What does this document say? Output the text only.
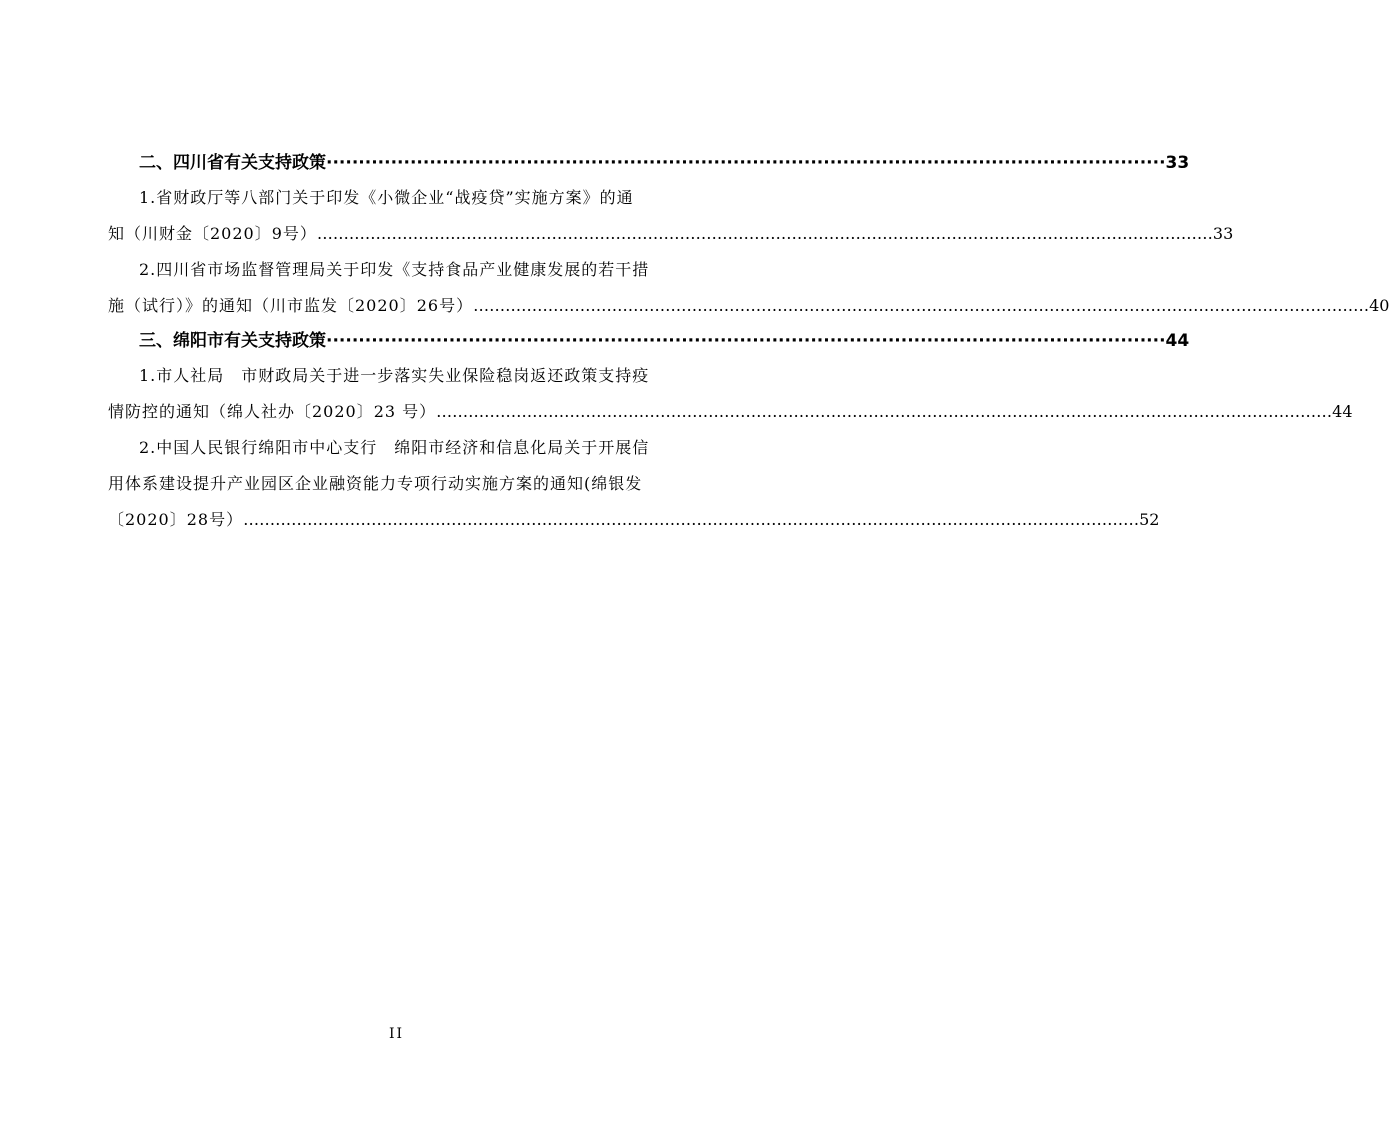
二、四川省有关支持政策 ·································································································································· 33
1.省财政厅等八部门关于印发《小微企业“战疫贷”实施方案》的通
知（川财金〔2020〕9号） …………………………………………………………………………………………………………………………………………………… 33
2.四川省市场监督管理局关于印发《支持食品产业健康发展的若干措
施（试行）》的通知（川市监发〔2020〕26号） …………………………………………………………………………………………………………………………………………………… 40
三、绵阳市有关支持政策 ·································································································································· 44
1.市人社局　市财政局关于进一步落实失业保险稳岗返还政策支持疫
情防控的通知（绵人社办〔2020〕23 号） …………………………………………………………………………………………………………………………………………………… 44
2.中国人民银行绵阳市中心支行　绵阳市经济和信息化局关于开展信
用体系建设提升产业园区企业融资能力专项行动实施方案的通知(绵银发
〔2020〕28号） …………………………………………………………………………………………………………………………………………………… 52
II
